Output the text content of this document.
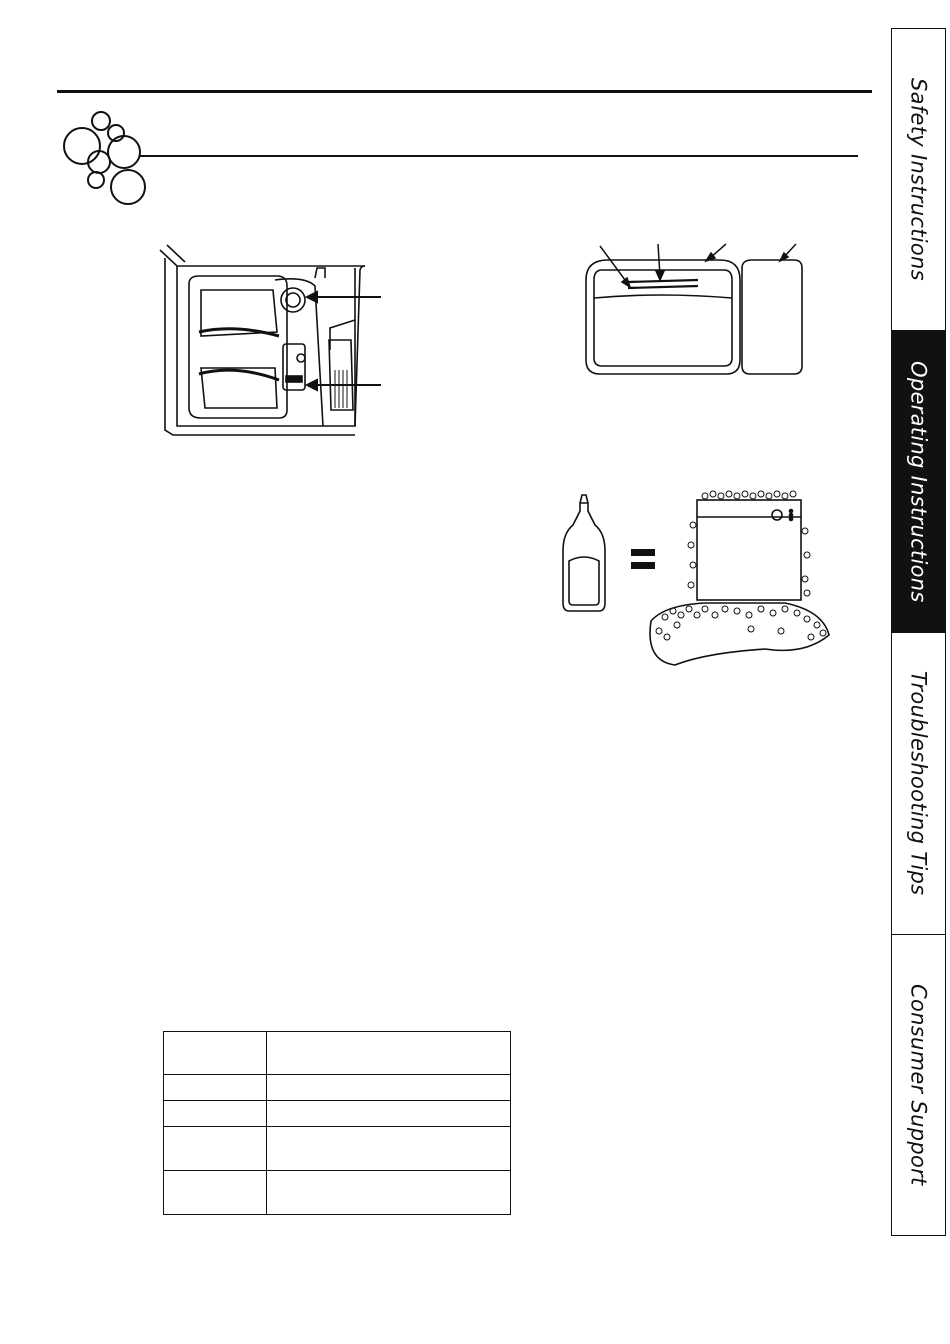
Safety Instructions
Operating Instructions
Troubleshooting Tips
Consumer Support
